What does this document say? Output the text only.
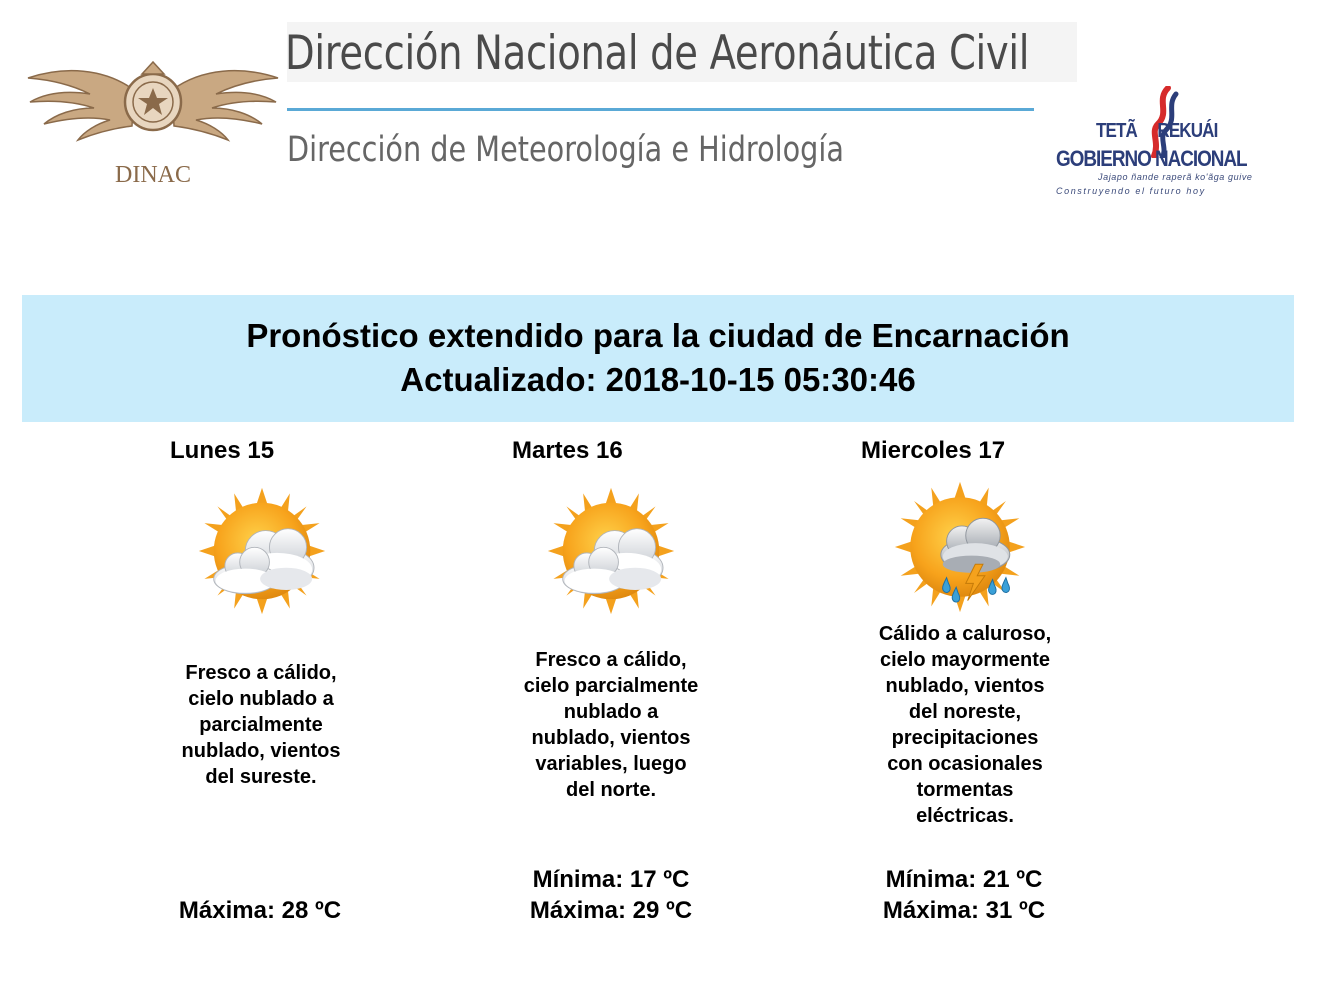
DINAC
Dirección Nacional de Aeronáutica Civil
Dirección de Meteorología e Hidrología	TETÃ REKUÁI
GOBIERNO NACIONAL
Jajapo ñande raperã ko'ãga guive
Construyendo el futuro hoy
Pronóstico extendido para la ciudad de Encarnación
Actualizado: 2018-10-15 05:30:46
Lunes 15
Fresco a cálido,
cielo nublado a
parcialmente
nublado, vientos
del sureste.
Máxima: 28 ºC
Martes 16
Fresco a cálido,
cielo parcialmente
nublado a
nublado, vientos
variables, luego
del norte.
Mínima: 17 ºC
Máxima: 29 ºC
Miercoles 17
Cálido a caluroso,
cielo mayormente
nublado, vientos
del noreste,
precipitaciones
con ocasionales
tormentas
eléctricas.
Mínima: 21 ºC
Máxima: 31 ºC
